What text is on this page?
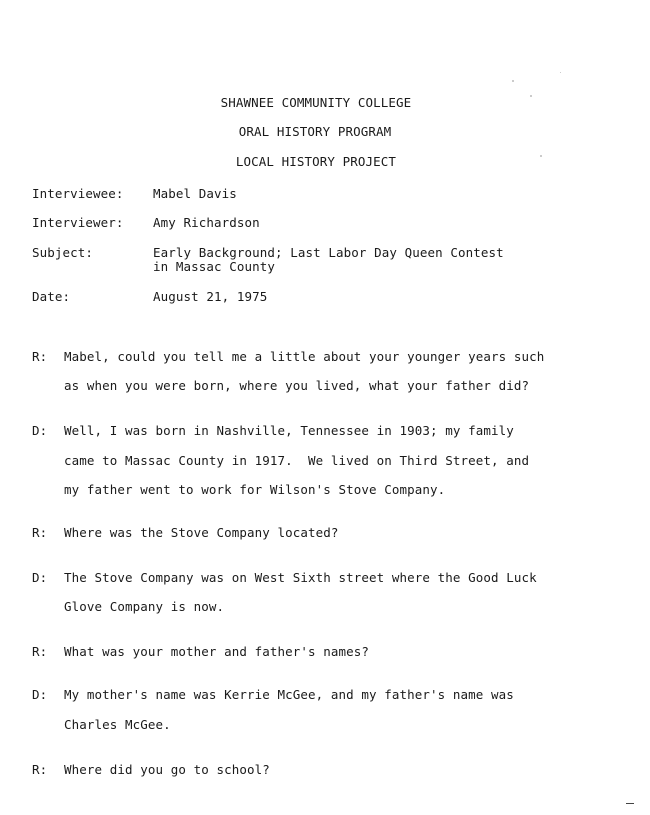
SHAWNEE COMMUNITY COLLEGE

ORAL HISTORY PROGRAM

LOCAL HISTORY PROJECT

Interviewee: Mabel Davis
Interviewer: Amy Richardson
Subject:	Early Background; Last Labor Day Queen Contest
in Massac County
Date:	August 21, 1975
R: Mabel, could you tell me a little about your younger years such
as when you were born, where you lived, what your father did?
D: Well, I was born in Nashville, Tennessee in 1903; my family
came to Massac County in 1917.  We lived on Third Street, and
my father went to work for Wilson's Stove Company.
R: Where was the Stove Company located?
D: The Stove Company was on West Sixth street where the Good Luck
Glove Company is now.
R: What was your mother and father's names?
D: My mother's name was Kerrie McGee, and my father's name was
Charles McGee.
R: Where did you go to school?
